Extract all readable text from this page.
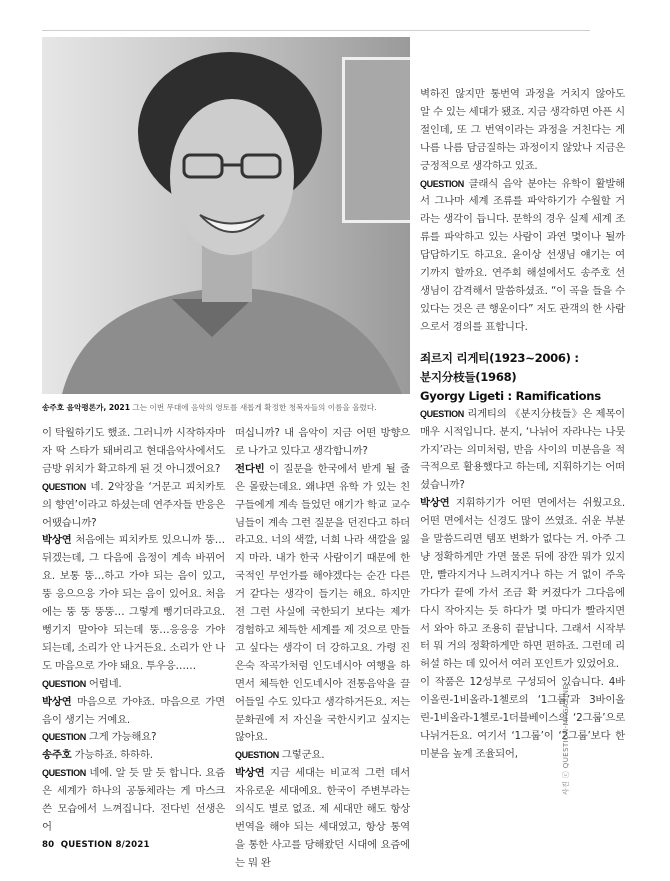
송주호 음악평론가, 2021 그는 이번 무대에 음악의 영토를 새롭게 확정한 청복자들의 이름을 올렸다.

이 탁월하기도 했죠. 그러니까 시작하자마자 딱 스타가 돼버리고 현대음악사에서도 금방 위치가 확고하게 된 것 아니겠어요?

QUESTION 네. 2악장을 ‘거문고 피치카토의 향연’이라고 하셨는데 연주자들 반응은 어땠습니까?

박상연 처음에는 피치카토 있으니까 뚱… 뒤겠는데, 그 다음에 음정이 계속 바뀌어요. 보통 뚱…하고 가야 되는 음이 있고, 뚱 응으으응 가야 되는 음이 있어요. 처음에는 뚱 뚱 뚱뚱… 그렇게 뻥기더라고요. 뻥기지 말아야 되는데 뚱…응응응 가야 되는데, 소리가 안 나거든요. 소리가 안 나도 마음으로 가야 돼요. 투우응……

QUESTION 어렵네.

박상연 마음으로 가야죠. 마음으로 가면 음이 생기는 거예요.

QUESTION 그게 가능해요?

송주호 가능하죠. 하하하.

QUESTION 네에. 알 듯 말 듯 합니다. 요즘은 세계가 하나의 공동체라는 게 마스크 쓴 모습에서 느껴집니다. 전다빈 선생은 어

떠십니까? 내 음악이 지금 어떤 방향으로 나가고 있다고 생각합니까?

전다빈 이 질문을 한국에서 받게 될 줄은 몰랐는데요. 왜냐면 유학 가 있는 친구들에게 계속 들었던 얘기가 학교 교수님들이 계속 그런 질문을 던진다고 하더라고요. 너의 색깔, 너희 나라 색깔을 잃지 마라. 내가 한국 사람이기 때문에 한국적인 무언가를 해야겠다는 순간 다른 거 같다는 생각이 들기는 해요. 하지만 전 그런 사실에 국한되기 보다는 제가 경험하고 체득한 세계를 제 것으로 만들고 싶다는 생각이 더 강하고요. 가령 진은숙 작곡가처럼 인도네시아 여행을 하면서 체득한 인도네시아 전통음악을 끌어들일 수도 있다고 생각하거든요. 저는 문화권에 저 자신을 국한시키고 싶지는 않아요.

QUESTION 그렇군요.

박상연 지금 세대는 비교적 그런 데서 자유로운 세대예요. 한국이 주변부라는 의식도 별로 없죠. 제 세대만 해도 항상 번역을 해야 되는 세대였고, 항상 통역을 통한 사고를 당해왔던 시대에 요즘에는 뭐 완

벽하진 않지만 통번역 과정을 거치지 않아도 알 수 있는 세대가 됐죠. 지금 생각하면 아픈 시절인데, 또 그 번역이라는 과정을 거친다는 게 나름 나름 담금질하는 과정이지 않았나 지금은 긍정적으로 생각하고 있죠.

QUESTION 클래식 음악 분야는 유학이 활발해서 그나마 세계 조류를 파악하기가 수월할 거라는 생각이 듭니다. 문학의 경우 실제 세계 조류를 파악하고 있는 사람이 과연 몇이나 될까 답답하기도 하고요. 윤이상 선생님 얘기는 여기까지 할까요. 연주회 해설에서도 송주호 선생님이 감격해서 말씀하셨죠. “이 곡을 들을 수 있다는 것은 큰 행운이다” 저도 관객의 한 사람으로서 경의를 표합니다.

죄르지 리게티(1923~2006) :
분지分枝들(1968)
Gyorgy Ligeti : Ramifications

QUESTION 리게티의 《분지分枝들》은 제목이 매우 시적입니다. 분지, ‘나뉘어 자라나는 나뭇가지’라는 의미처럼, 반음 사이의 미분음을 적극적으로 활용했다고 하는데, 지휘하기는 어떠셨습니까?

박상연 지휘하기가 어떤 면에서는 쉬웠고요. 어떤 면에서는 신경도 많이 쓰였죠. 쉬운 부분을 말씀드리면 템포 변화가 없다는 거. 아주 그냥 정확하게만 가면 물론 뒤에 잠깐 뭐가 있지만, 빨라지거나 느려지거나 하는 거 없이 주욱 가다가 끝에 가서 조금 확 커졌다가 그다음에 다시 작아지는 듯 하다가 몇 마디가 빨라지면서 와아 하고 조용히 끝납니다. 그래서 시작부터 뭐 거의 정확하게만 하면 편하죠. 그런데 리허설 하는 데 있어서 여러 포인트가 있었어요.

이 작품은 12성부로 구성되어 있습니다. 4바이올린-1비올라-1첼로의 ‘1그룹’과 3바이올린-1비올라-1첼로-1더블베이스의 ‘2그룹’으로 나뉘거든요. 여기서 ‘1그룹’이 ‘2그룹’보다 한 미분음 높게 조율되어,	사진 ⓒ QUESTION-MAGAZINE
80 QUESTION 8/2021
